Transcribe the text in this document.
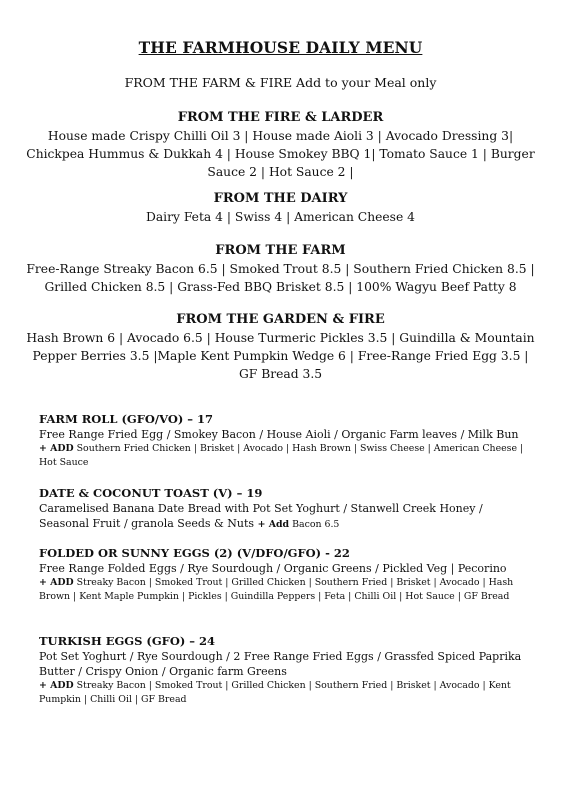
THE FARMHOUSE DAILY MENU
FROM THE FARM & FIRE Add to your Meal only
FROM THE FIRE & LARDER

House made Crispy Chilli Oil 3 | House made Aioli 3 | Avocado Dressing 3| Chickpea Hummus & Dukkah 4 | House Smokey BBQ 1| Tomato Sauce 1 | Burger Sauce 2 | Hot Sauce 2 |

FROM THE DAIRY

Dairy Feta 4 | Swiss 4 | American Cheese 4

FROM THE FARM

Free-Range Streaky Bacon 6.5 | Smoked Trout 8.5 | Southern Fried Chicken 8.5 | Grilled Chicken 8.5 | Grass-Fed BBQ Brisket 8.5 | 100% Wagyu Beef Patty 8

FROM THE GARDEN & FIRE

Hash Brown 6 | Avocado 6.5 | House Turmeric Pickles 3.5 | Guindilla & Mountain Pepper Berries 3.5 |Maple Kent Pumpkin Wedge 6 | Free-Range Fried Egg 3.5 | GF Bread 3.5

FARM ROLL (GFO/VO) – 17

Free Range Fried Egg / Smokey Bacon / House Aioli / Organic Farm leaves / Milk Bun

+ ADD Southern Fried Chicken | Brisket | Avocado | Hash Brown | Swiss Cheese | American Cheese | Hot Sauce

DATE & COCONUT TOAST (V) – 19

Caramelised Banana Date Bread with Pot Set Yoghurt / Stanwell Creek Honey / Seasonal Fruit / granola Seeds & Nuts + Add Bacon 6.5

FOLDED OR SUNNY EGGS (2) (V/DFO/GFO) - 22

Free Range Folded Eggs / Rye Sourdough / Organic Greens / Pickled Veg | Pecorino

+ ADD Streaky Bacon | Smoked Trout | Grilled Chicken | Southern Fried | Brisket | Avocado | Hash Brown | Kent Maple Pumpkin | Pickles | Guindilla Peppers | Feta | Chilli Oil | Hot Sauce | GF Bread

TURKISH EGGS (GFO) – 24

Pot Set Yoghurt / Rye Sourdough / 2 Free Range Fried Eggs / Grassfed Spiced Paprika Butter / Crispy Onion / Organic farm Greens

+ ADD Streaky Bacon | Smoked Trout | Grilled Chicken | Southern Fried | Brisket | Avocado | Kent Pumpkin | Chilli Oil | GF Bread
